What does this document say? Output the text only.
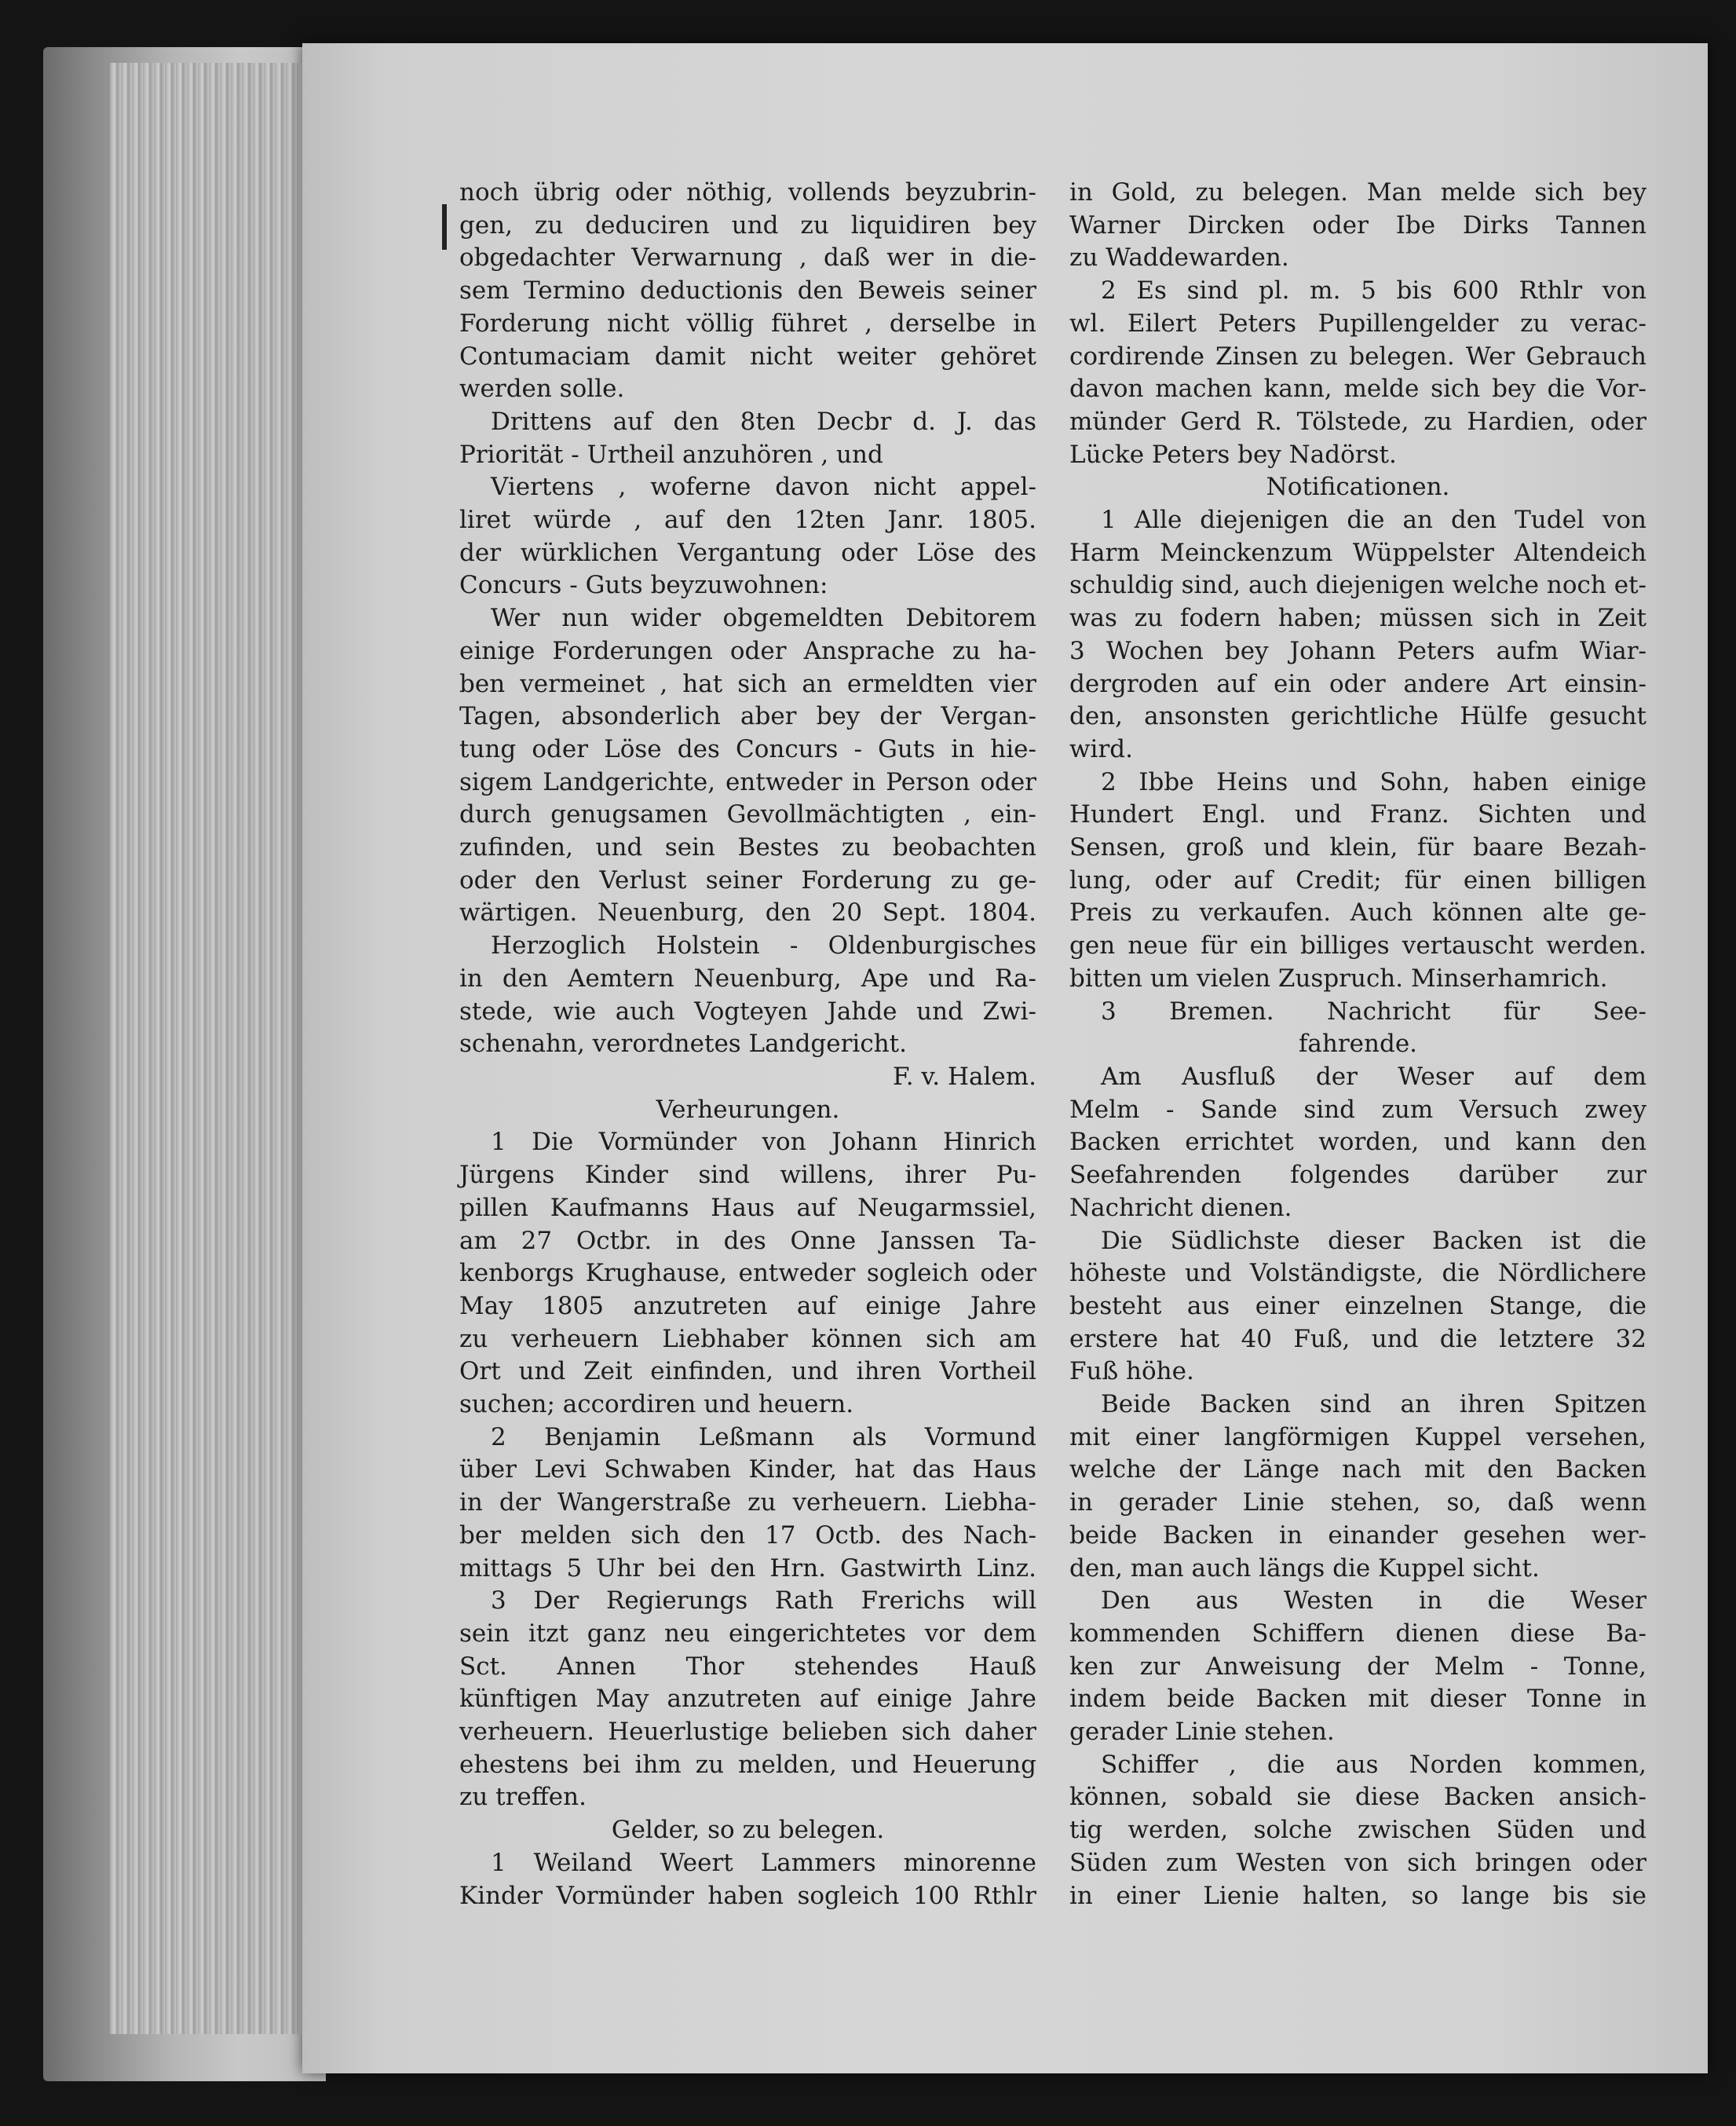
noch übrig oder nöthig, vollends beyzubrin-
gen, zu deduciren und zu liquidiren bey
obgedachter Verwarnung , daß wer in die-
sem Termino deductionis den Beweis seiner
Forderung nicht völlig führet , derselbe in
Contumaciam damit nicht weiter gehöret
werden solle.
Drittens auf den 8ten Decbr d. J. das
Priorität - Urtheil anzuhören , und
Viertens , woferne davon nicht appel-
liret würde , auf den 12ten Janr. 1805.
der würklichen Vergantung oder Löse des
Concurs - Guts beyzuwohnen:
Wer nun wider obgemeldten Debitorem
einige Forderungen oder Ansprache zu ha-
ben vermeinet , hat sich an ermeldten vier
Tagen, absonderlich aber bey der Vergan-
tung oder Löse des Concurs - Guts in hie-
sigem Landgerichte, entweder in Person oder
durch genugsamen Gevollmächtigten , ein-
zufinden, und sein Bestes zu beobachten
oder den Verlust seiner Forderung zu ge-
wärtigen. Neuenburg, den 20 Sept. 1804.
Herzoglich Holstein - Oldenburgisches
in den Aemtern Neuenburg, Ape und Ra-
stede, wie auch Vogteyen Jahde und Zwi-
schenahn, verordnetes Landgericht.
F. v. Halem.
Verheurungen.
1 Die Vormünder von Johann Hinrich
Jürgens Kinder sind willens, ihrer Pu-
pillen Kaufmanns Haus auf Neugarmssiel,
am 27 Octbr. in des Onne Janssen Ta-
kenborgs Krughause, entweder sogleich oder
May 1805 anzutreten auf einige Jahre
zu verheuern Liebhaber können sich am
Ort und Zeit einfinden, und ihren Vortheil
suchen; accordiren und heuern.
2 Benjamin Leßmann als Vormund
über Levi Schwaben Kinder, hat das Haus
in der Wangerstraße zu verheuern. Liebha-
ber melden sich den 17 Octb. des Nach-
mittags 5 Uhr bei den Hrn. Gastwirth Linz.
3 Der Regierungs Rath Frerichs will
sein itzt ganz neu eingerichtetes vor dem
Sct. Annen Thor stehendes Hauß
künftigen May anzutreten auf einige Jahre
verheuern. Heuerlustige belieben sich daher
ehestens bei ihm zu melden, und Heuerung
zu treffen.
Gelder, so zu belegen.
1 Weiland Weert Lammers minorenne
Kinder Vormünder haben sogleich 100 Rthlr
in Gold, zu belegen. Man melde sich bey
Warner Dircken oder Ibe Dirks Tannen
zu Waddewarden.
2 Es sind pl. m. 5 bis 600 Rthlr von
wl. Eilert Peters Pupillengelder zu verac-
cordirende Zinsen zu belegen. Wer Gebrauch
davon machen kann, melde sich bey die Vor-
münder Gerd R. Tölstede, zu Hardien, oder
Lücke Peters bey Nadörst.
Notificationen.
1 Alle diejenigen die an den Tudel von
Harm Meinckenzum Wüppelster Altendeich
schuldig sind, auch diejenigen welche noch et-
was zu fodern haben; müssen sich in Zeit
3 Wochen bey Johann Peters aufm Wiar-
dergroden auf ein oder andere Art einsin-
den, ansonsten gerichtliche Hülfe gesucht
wird.
2 Ibbe Heins und Sohn, haben einige
Hundert Engl. und Franz. Sichten und
Sensen, groß und klein, für baare Bezah-
lung, oder auf Credit; für einen billigen
Preis zu verkaufen. Auch können alte ge-
gen neue für ein billiges vertauscht werden.
bitten um vielen Zuspruch. Minserhamrich.
3 Bremen. Nachricht für See-
fahrende.
Am Ausfluß der Weser auf dem
Melm - Sande sind zum Versuch zwey
Backen errichtet worden, und kann den
Seefahrenden folgendes darüber zur
Nachricht dienen.
Die Südlichste dieser Backen ist die
höheste und Volständigste, die Nördlichere
besteht aus einer einzelnen Stange, die
erstere hat 40 Fuß, und die letztere 32
Fuß höhe.
Beide Backen sind an ihren Spitzen
mit einer langförmigen Kuppel versehen,
welche der Länge nach mit den Backen
in gerader Linie stehen, so, daß wenn
beide Backen in einander gesehen wer-
den, man auch längs die Kuppel sicht.
Den aus Westen in die Weser
kommenden Schiffern dienen diese Ba-
ken zur Anweisung der Melm - Tonne,
indem beide Backen mit dieser Tonne in
gerader Linie stehen.
Schiffer , die aus Norden kommen,
können, sobald sie diese Backen ansich-
tig werden, solche zwischen Süden und
Süden zum Westen von sich bringen oder
in einer Lienie halten, so lange bis sie
